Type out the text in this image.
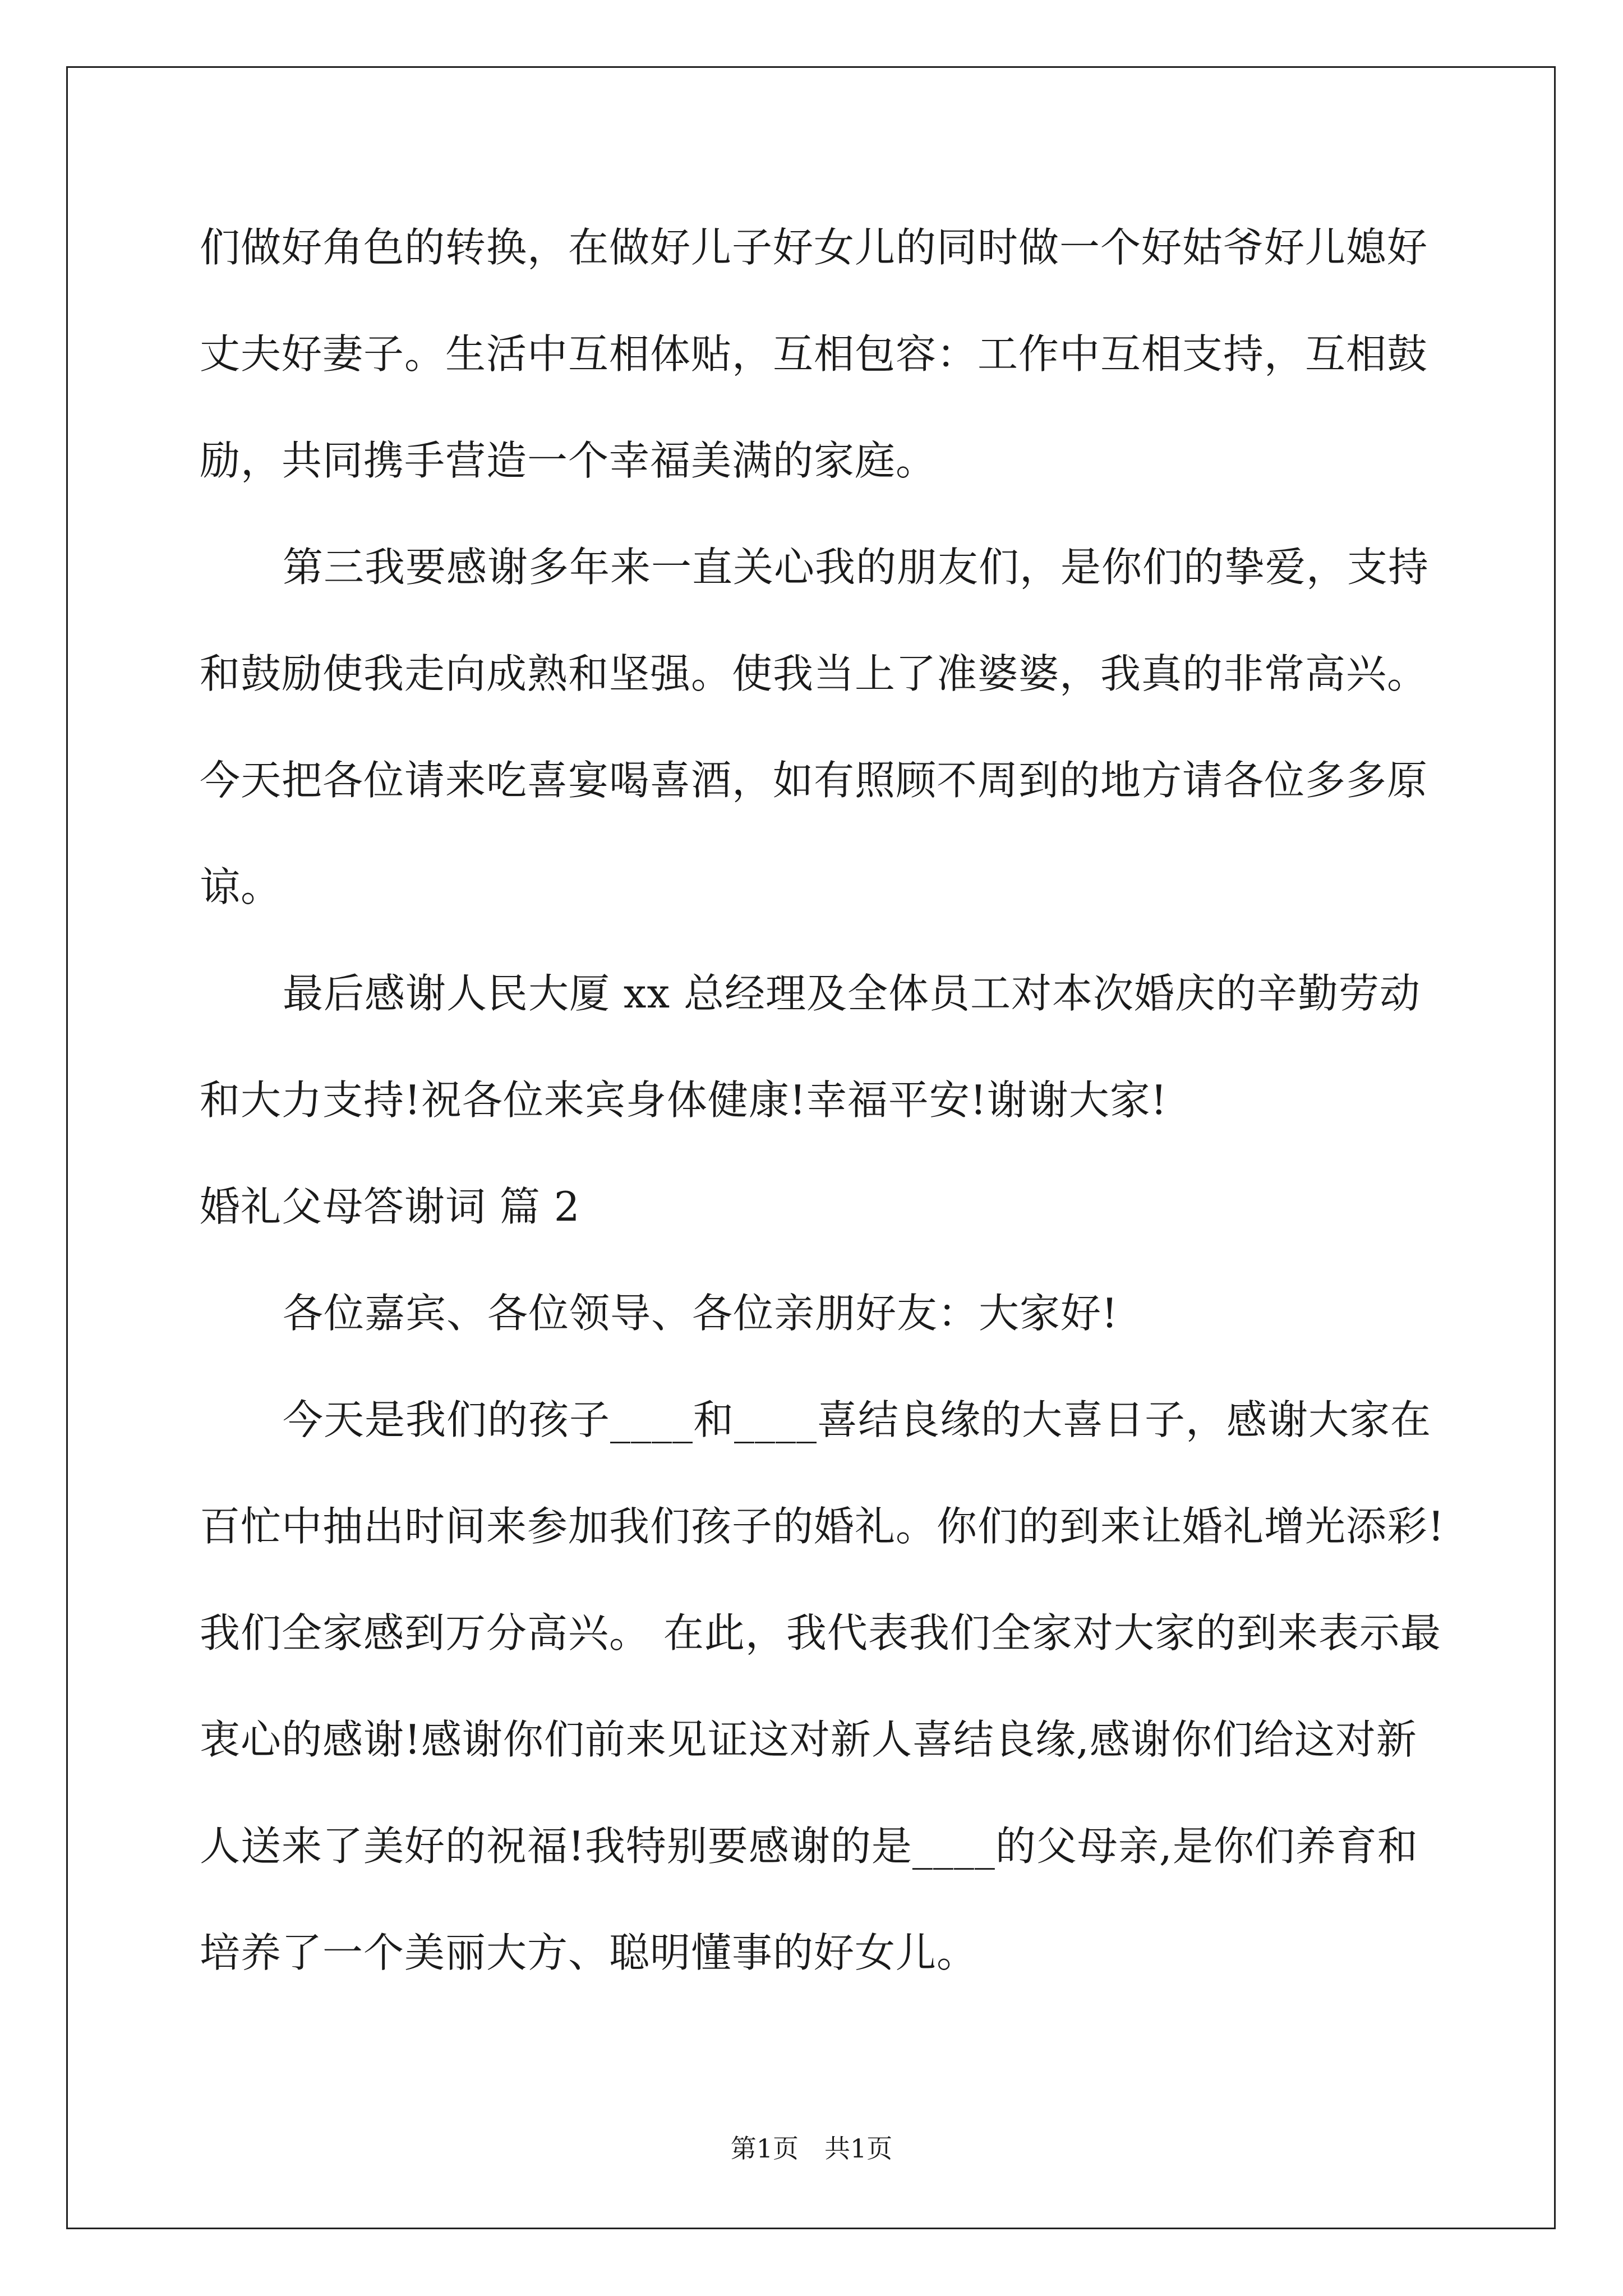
们做好角色的转换，在做好儿子好女儿的同时做一个好姑爷好儿媳好
丈夫好妻子。生活中互相体贴，互相包容：工作中互相支持，互相鼓
励，共同携手营造一个幸福美满的家庭。
第三我要感谢多年来一直关心我的朋友们，是你们的挚爱，支持
和鼓励使我走向成熟和坚强。使我当上了准婆婆，我真的非常高兴。
今天把各位请来吃喜宴喝喜酒，如有照顾不周到的地方请各位多多原
谅。
最后感谢人民大厦 xx 总经理及全体员工对本次婚庆的辛勤劳动
和大力支持!祝各位来宾身体健康!幸福平安!谢谢大家!
婚礼父母答谢词 篇 2
各位嘉宾、各位领导、各位亲朋好友：大家好!
今天是我们的孩子____和____喜结良缘的大喜日子，感谢大家在
百忙中抽出时间来参加我们孩子的婚礼。你们的到来让婚礼增光添彩!
我们全家感到万分高兴。 在此，我代表我们全家对大家的到来表示最
衷心的感谢!感谢你们前来见证这对新人喜结良缘,感谢你们给这对新
人送来了美好的祝福!我特别要感谢的是____的父母亲,是你们养育和
培养了一个美丽大方、聪明懂事的好女儿。
第1页　共1页
